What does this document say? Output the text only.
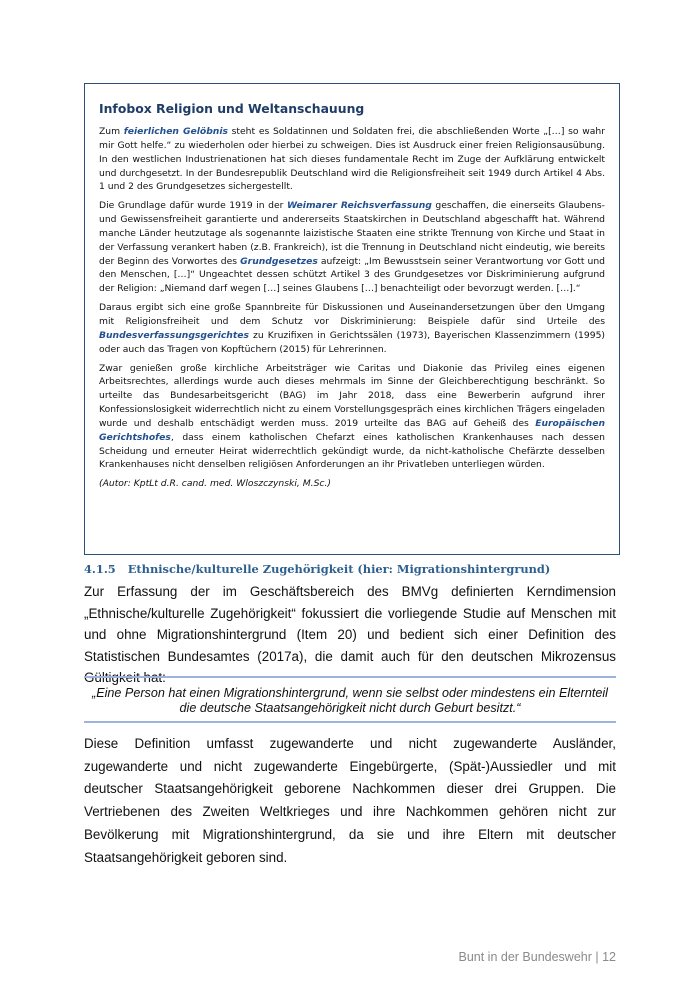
Infobox Religion und Weltanschauung

Zum feierlichen Gelöbnis steht es Soldatinnen und Soldaten frei, die abschließenden Worte „[…] so wahr mir Gott helfe.“ zu wiederholen oder hierbei zu schweigen. Dies ist Ausdruck einer freien Religionsausübung. In den westlichen Industrienationen hat sich dieses fundamentale Recht im Zuge der Aufklärung entwickelt und durchgesetzt. In der Bundesrepublik Deutschland wird die Religionsfreiheit seit 1949 durch Artikel 4 Abs. 1 und 2 des Grundgesetzes sichergestellt.

Die Grundlage dafür wurde 1919 in der Weimarer Reichsverfassung geschaffen, die einerseits Glaubens- und Gewissensfreiheit garantierte und andererseits Staatskirchen in Deutschland abgeschafft hat. Während manche Länder heutzutage als sogenannte laizistische Staaten eine strikte Trennung von Kirche und Staat in der Verfassung verankert haben (z.B. Frankreich), ist die Trennung in Deutschland nicht eindeutig, wie bereits der Beginn des Vorwortes des Grundgesetzes aufzeigt: „Im Bewusstsein seiner Verantwortung vor Gott und den Menschen, […]“ Ungeachtet dessen schützt Artikel 3 des Grundgesetzes vor Diskriminierung aufgrund der Religion: „Niemand darf wegen […] seines Glaubens […] benachteiligt oder bevorzugt werden. […].“

Daraus ergibt sich eine große Spannbreite für Diskussionen und Auseinandersetzungen über den Umgang mit Religionsfreiheit und dem Schutz vor Diskriminierung: Beispiele dafür sind Urteile des Bundesverfassungsgerichtes zu Kruzifixen in Gerichtssälen (1973), Bayerischen Klassenzimmern (1995) oder auch das Tragen von Kopftüchern (2015) für Lehrerinnen.

Zwar genießen große kirchliche Arbeitsträger wie Caritas und Diakonie das Privileg eines eigenen Arbeitsrechtes, allerdings wurde auch dieses mehrmals im Sinne der Gleichberechtigung beschränkt. So urteilte das Bundesarbeitsgericht (BAG) im Jahr 2018, dass eine Bewerberin aufgrund ihrer Konfessionslosigkeit widerrechtlich nicht zu einem Vorstellungsgespräch eines kirchlichen Trägers eingeladen wurde und deshalb entschädigt werden muss. 2019 urteilte das BAG auf Geheiß des Europäischen Gerichtshofes, dass einem katholischen Chefarzt eines katholischen Krankenhauses nach dessen Scheidung und erneuter Heirat widerrechtlich gekündigt wurde, da nicht-katholische Chefärzte desselben Krankenhauses nicht denselben religiösen Anforderungen an ihr Privatleben unterliegen würden.

(Autor: KptLt d.R. cand. med. Wloszczynski, M.Sc.)

4.1.5 Ethnische/kulturelle Zugehörigkeit (hier: Migrationshintergrund)

Zur Erfassung der im Geschäftsbereich des BMVg definierten Kerndimension „Ethnische/kulturelle Zugehörigkeit“ fokussiert die vorliegende Studie auf Menschen mit und ohne Migrationshintergrund (Item 20) und bedient sich einer Definition des Statistischen Bundesamtes (2017a), die damit auch für den deutschen Mikrozensus Gültigkeit hat:

„Eine Person hat einen Migrationshintergrund, wenn sie selbst oder mindestens ein Elternteil die deutsche Staatsangehörigkeit nicht durch Geburt besitzt.“

Diese Definition umfasst zugewanderte und nicht zugewanderte Ausländer, zugewanderte und nicht zugewanderte Eingebürgerte, (Spät-)Aussiedler und mit deutscher Staatsangehörigkeit geborene Nachkommen dieser drei Gruppen. Die Vertriebenen des Zweiten Weltkrieges und ihre Nachkommen gehören nicht zur Bevölkerung mit Migrationshintergrund, da sie und ihre Eltern mit deutscher Staatsangehörigkeit geboren sind.

Bunt in der Bundeswehr | 12
